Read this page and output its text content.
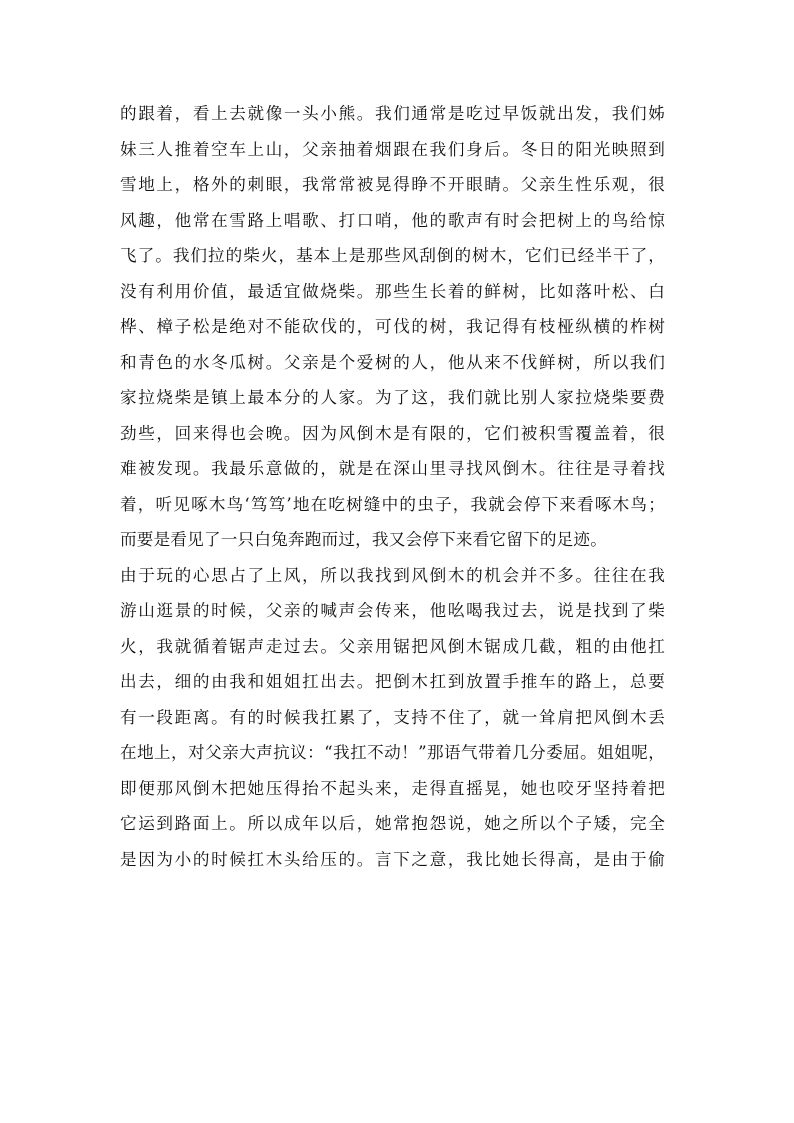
的跟着，看上去就像一头小熊。我们通常是吃过早饭就出发，我们姊
妹三人推着空车上山，父亲抽着烟跟在我们身后。冬日的阳光映照到
雪地上，格外的刺眼，我常常被晃得睁不开眼睛。父亲生性乐观，很
风趣，他常在雪路上唱歌、打口哨，他的歌声有时会把树上的鸟给惊
飞了。我们拉的柴火，基本上是那些风刮倒的树木，它们已经半干了，
没有利用价值，最适宜做烧柴。那些生长着的鲜树，比如落叶松、白
桦、樟子松是绝对不能砍伐的，可伐的树，我记得有枝桠纵横的柞树
和青色的水冬瓜树。父亲是个爱树的人，他从来不伐鲜树，所以我们
家拉烧柴是镇上最本分的人家。为了这，我们就比别人家拉烧柴要费
劲些，回来得也会晚。因为风倒木是有限的，它们被积雪覆盖着，很
难被发现。我最乐意做的，就是在深山里寻找风倒木。往往是寻着找
着，听见啄木鸟‘笃笃’地在吃树缝中的虫子，我就会停下来看啄木鸟；
而要是看见了一只白兔奔跑而过，我又会停下来看它留下的足迹。
由于玩的心思占了上风，所以我找到风倒木的机会并不多。往往在我
游山逛景的时候，父亲的喊声会传来，他吆喝我过去，说是找到了柴
火，我就循着锯声走过去。父亲用锯把风倒木锯成几截，粗的由他扛
出去，细的由我和姐姐扛出去。把倒木扛到放置手推车的路上，总要
有一段距离。有的时候我扛累了，支持不住了，就一耸肩把风倒木丢
在地上，对父亲大声抗议：“我扛不动！”那语气带着几分委屈。姐姐呢，
即便那风倒木把她压得抬不起头来，走得直摇晃，她也咬牙坚持着把
它运到路面上。所以成年以后，她常抱怨说，她之所以个子矮，完全
是因为小的时候扛木头给压的。言下之意，我比她长得高，是由于偷
